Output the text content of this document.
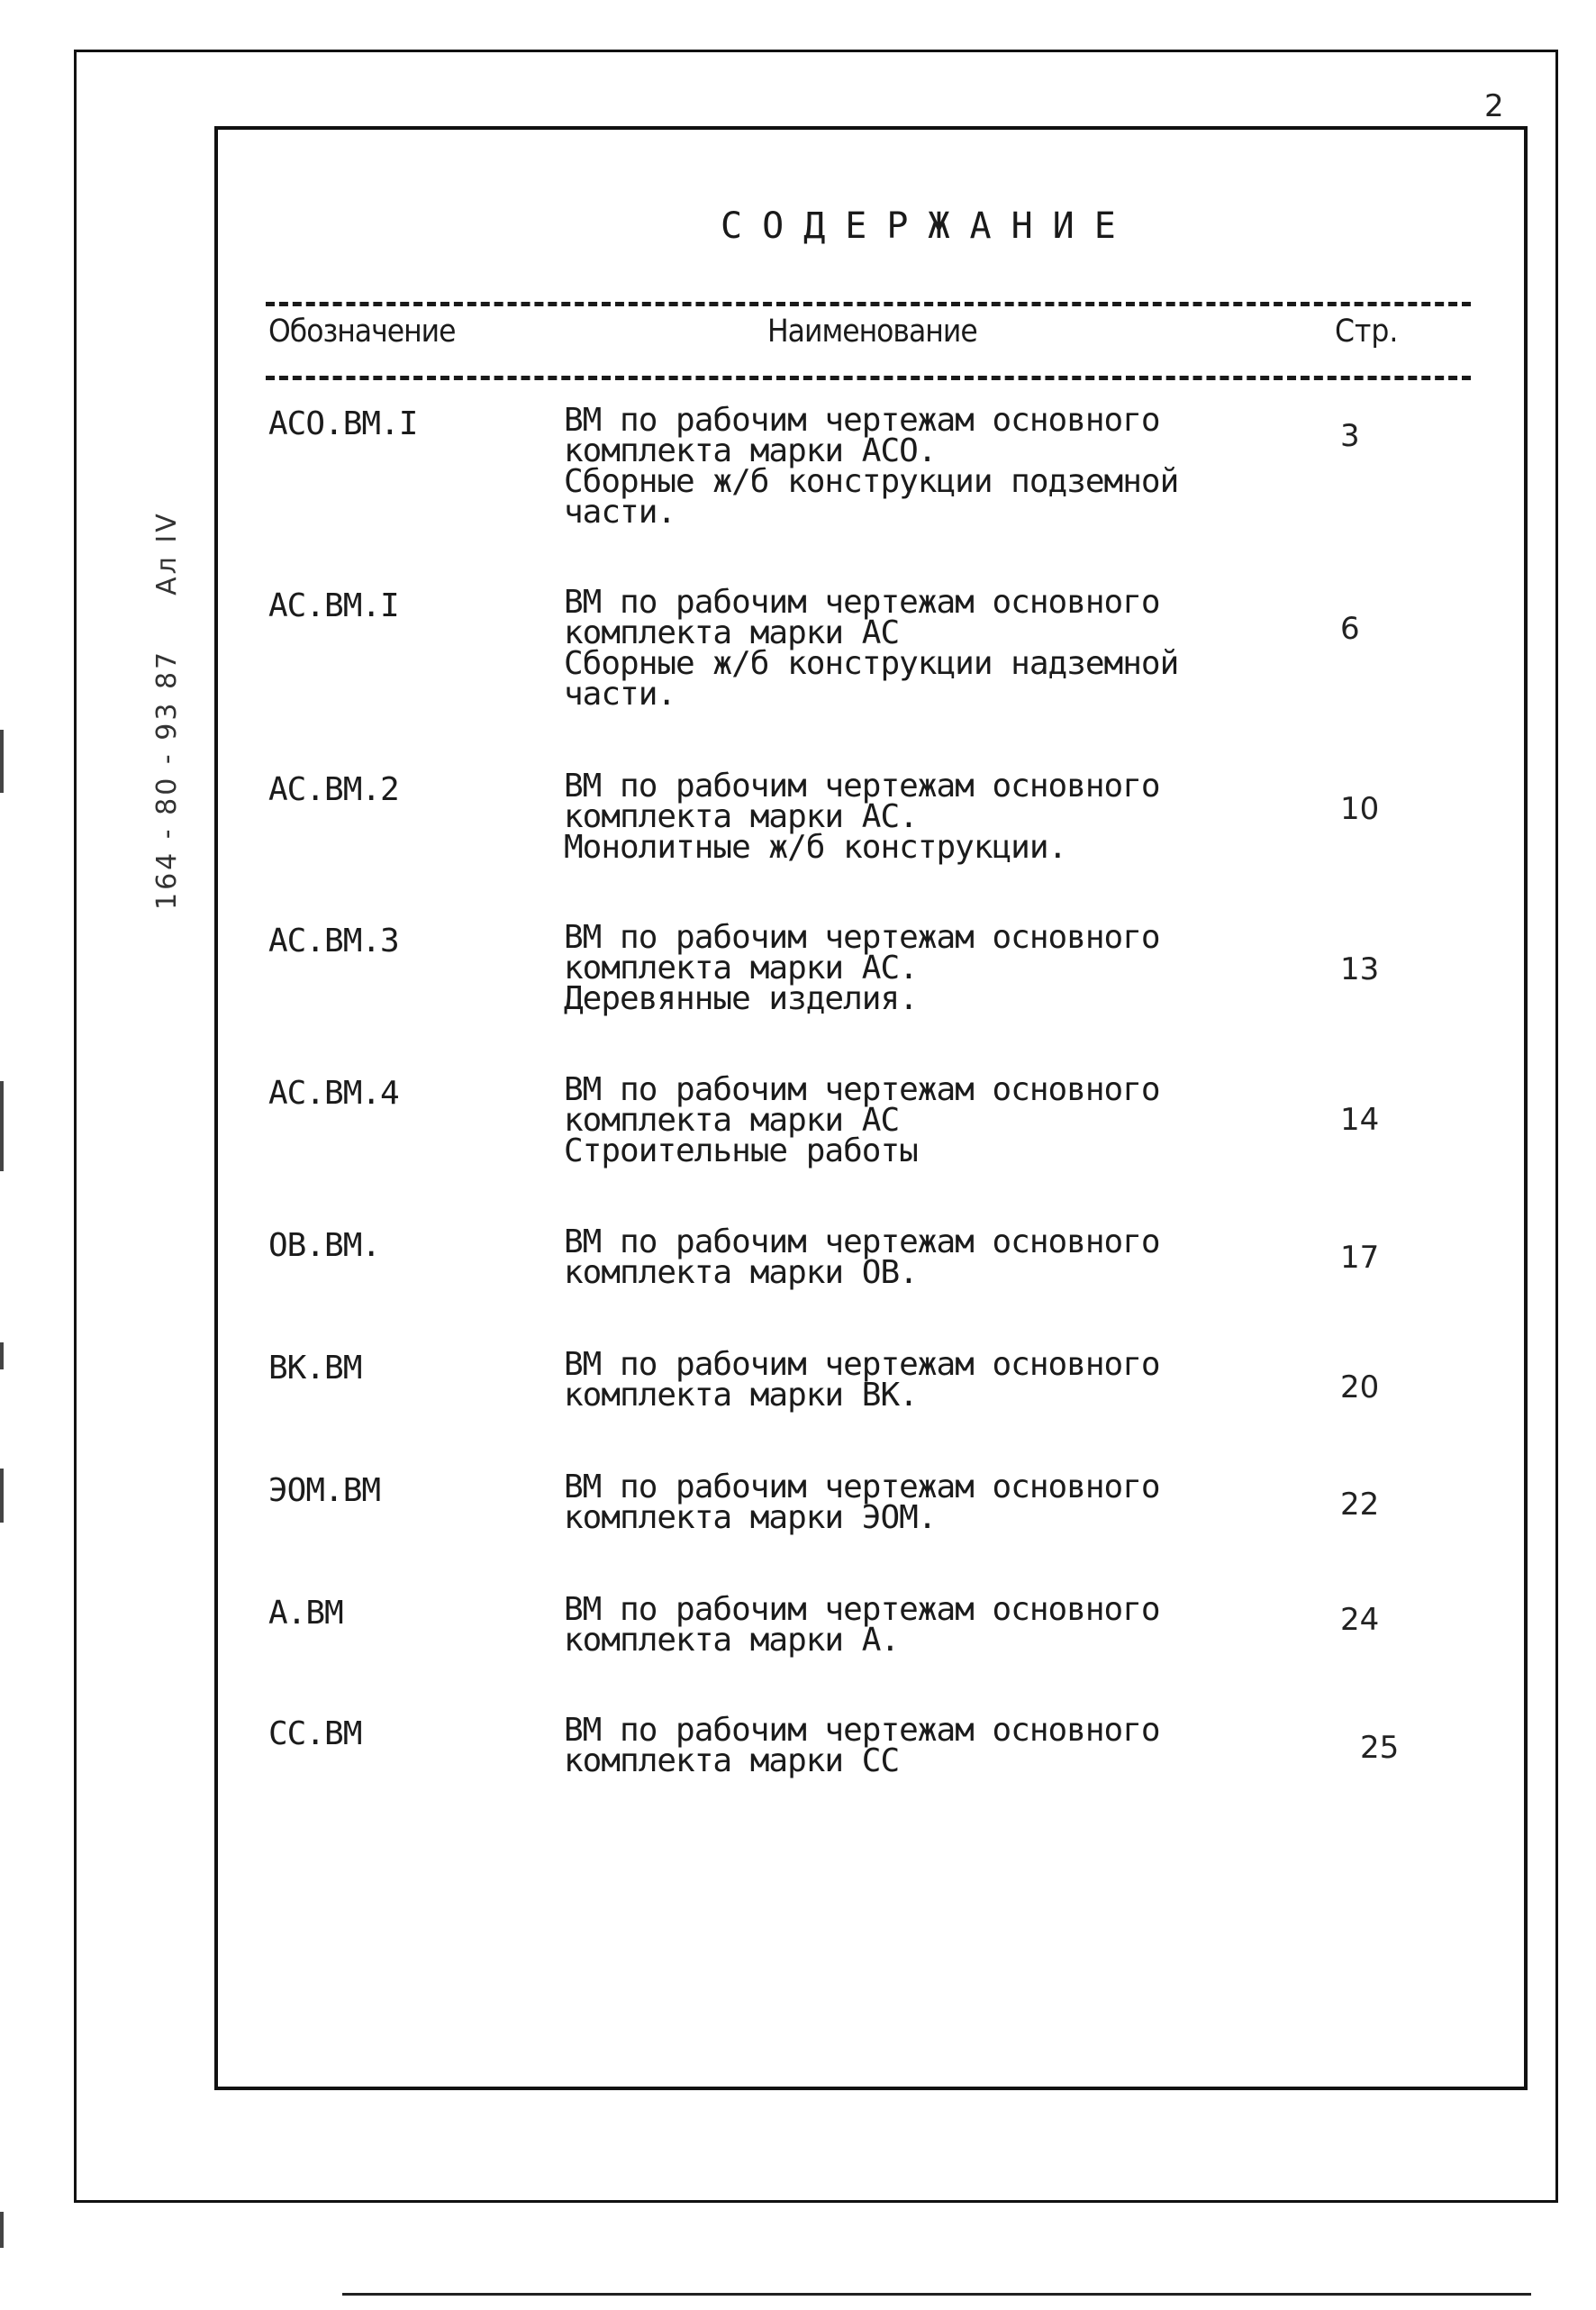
2
СОДЕРЖАНИЕ
Обозначение	Наименование	Стр.
164 - 80 - 93 87Ал IV
АСО.ВМ.I	ВМ по рабочим чертежам основного
комплекта марки АСО.
Сборные ж/б конструкции подземной
части.
3
АС.ВМ.I	ВМ по рабочим чертежам основного
комплекта марки АС
Сборные ж/б конструкции надземной
части.
6
АС.ВМ.2	ВМ по рабочим чертежам основного
комплекта марки АС.
Монолитные ж/б конструкции.
10
АС.ВМ.3	ВМ по рабочим чертежам основного
комплекта марки АС.
Деревянные изделия.
13
АС.ВМ.4	ВМ по рабочим чертежам основного
комплекта марки АС
Строительные работы
14
ОВ.ВМ.	ВМ по рабочим чертежам основного
комплекта марки ОВ.	17
ВК.ВМ	ВМ по рабочим чертежам основного
комплекта марки ВК.	20
ЭОМ.ВМ	ВМ по рабочим чертежам основного
комплекта марки ЭОМ.	22
А.ВМ	ВМ по рабочим чертежам основного
комплекта марки А.
24
СС.ВМ	ВМ по рабочим чертежам основного
комплекта марки СС	25
